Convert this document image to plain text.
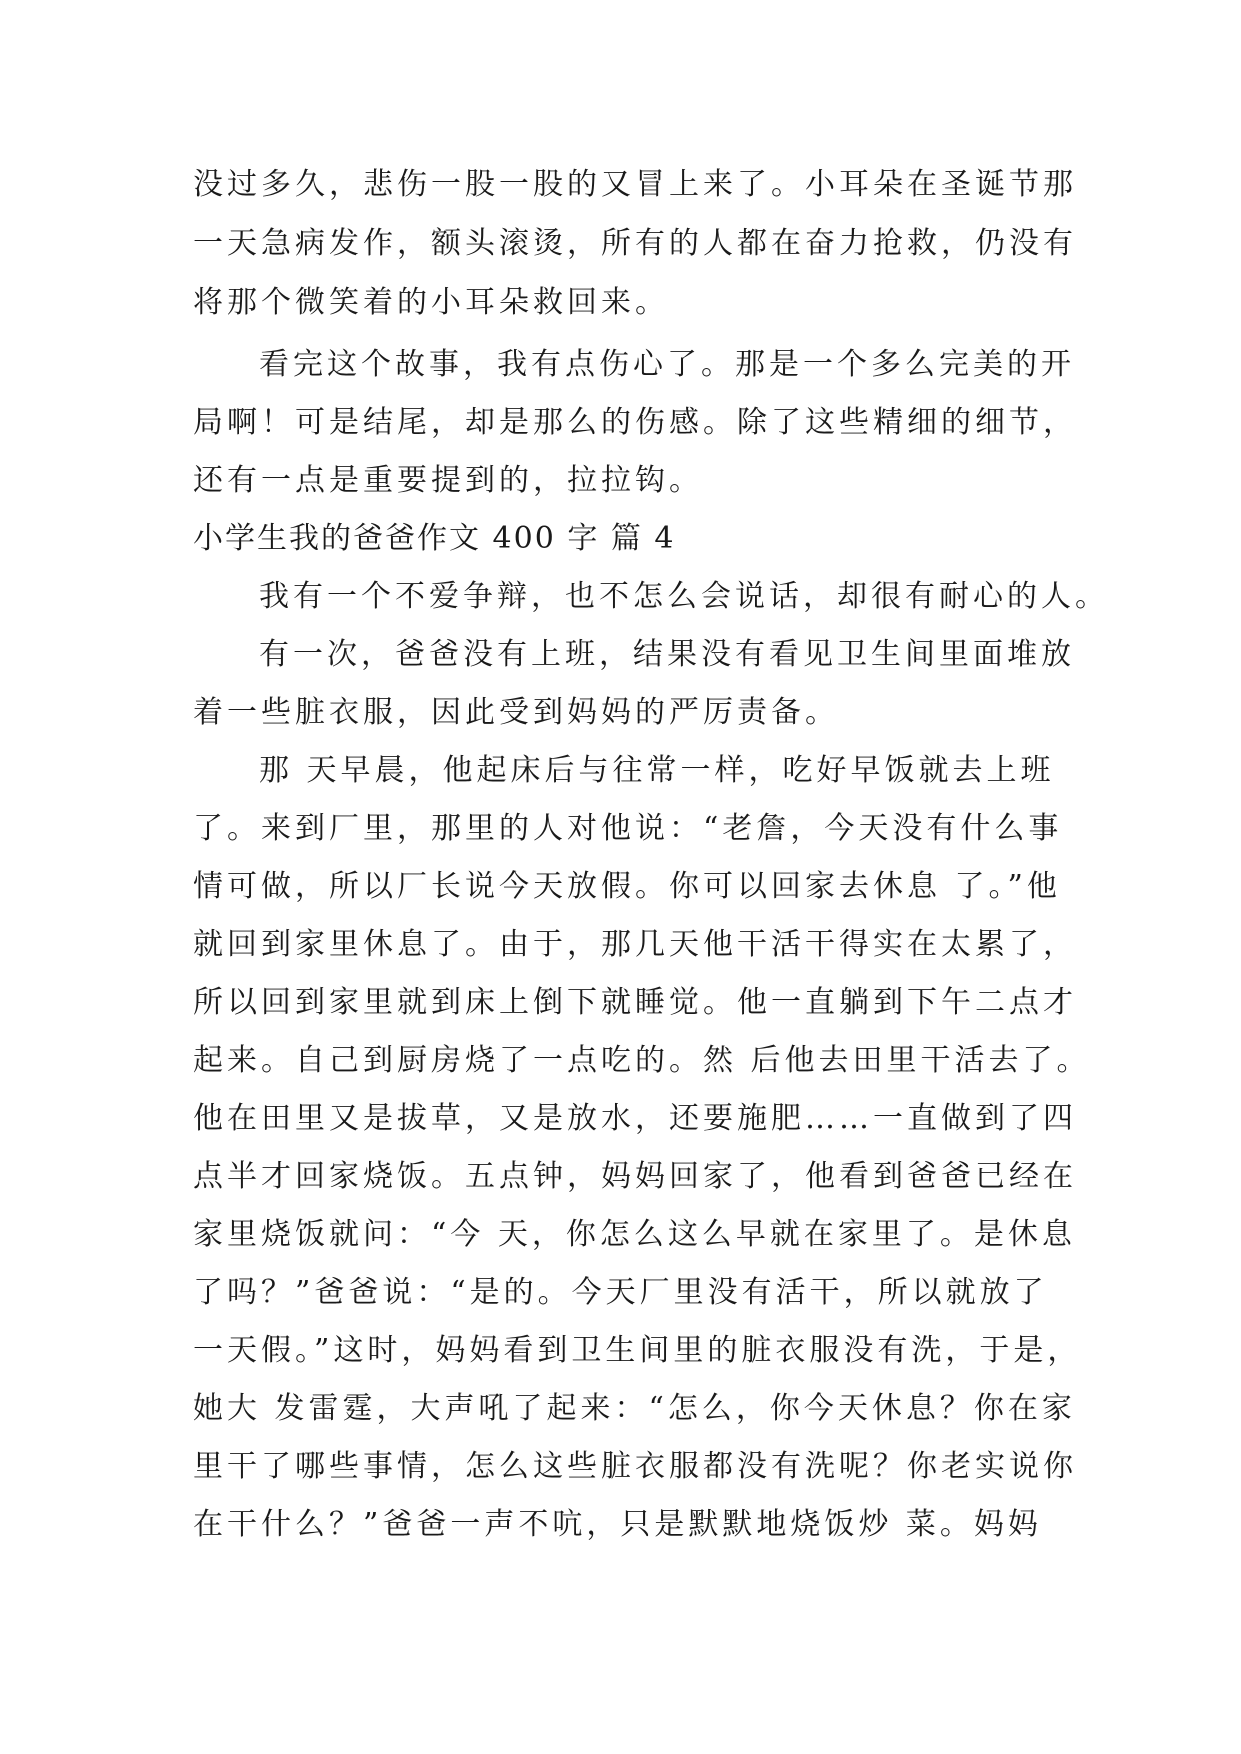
没过多久，悲伤一股一股的又冒上来了。小耳朵在圣诞节那
一天急病发作，额头滚烫，所有的人都在奋力抢救，仍没有
将那个微笑着的小耳朵救回来。
看完这个故事，我有点伤心了。那是一个多么完美的开
局啊！可是结尾，却是那么的伤感。除了这些精细的细节，
还有一点是重要提到的，拉拉钩。
小学生我的爸爸作文 400 字 篇 4
我有一个不爱争辩，也不怎么会说话，却很有耐心的人。
有一次，爸爸没有上班，结果没有看见卫生间里面堆放
着一些脏衣服，因此受到妈妈的严厉责备。
那 天早晨，他起床后与往常一样，吃好早饭就去上班
了。来到厂里，那里的人对他说：“老詹，今天没有什么事
情可做，所以厂长说今天放假。你可以回家去休息 了。”他
就回到家里休息了。由于，那几天他干活干得实在太累了，
所以回到家里就到床上倒下就睡觉。他一直躺到下午二点才
起来。自己到厨房烧了一点吃的。然 后他去田里干活去了。
他在田里又是拔草，又是放水，还要施肥……一直做到了四
点半才回家烧饭。五点钟，妈妈回家了，他看到爸爸已经在
家里烧饭就问：“今 天，你怎么这么早就在家里了。是休息
了吗？”爸爸说：“是的。今天厂里没有活干，所以就放了
一天假。”这时，妈妈看到卫生间里的脏衣服没有洗，于是，
她大 发雷霆，大声吼了起来：“怎么，你今天休息？你在家
里干了哪些事情，怎么这些脏衣服都没有洗呢？你老实说你
在干什么？”爸爸一声不吭，只是默默地烧饭炒 菜。妈妈
